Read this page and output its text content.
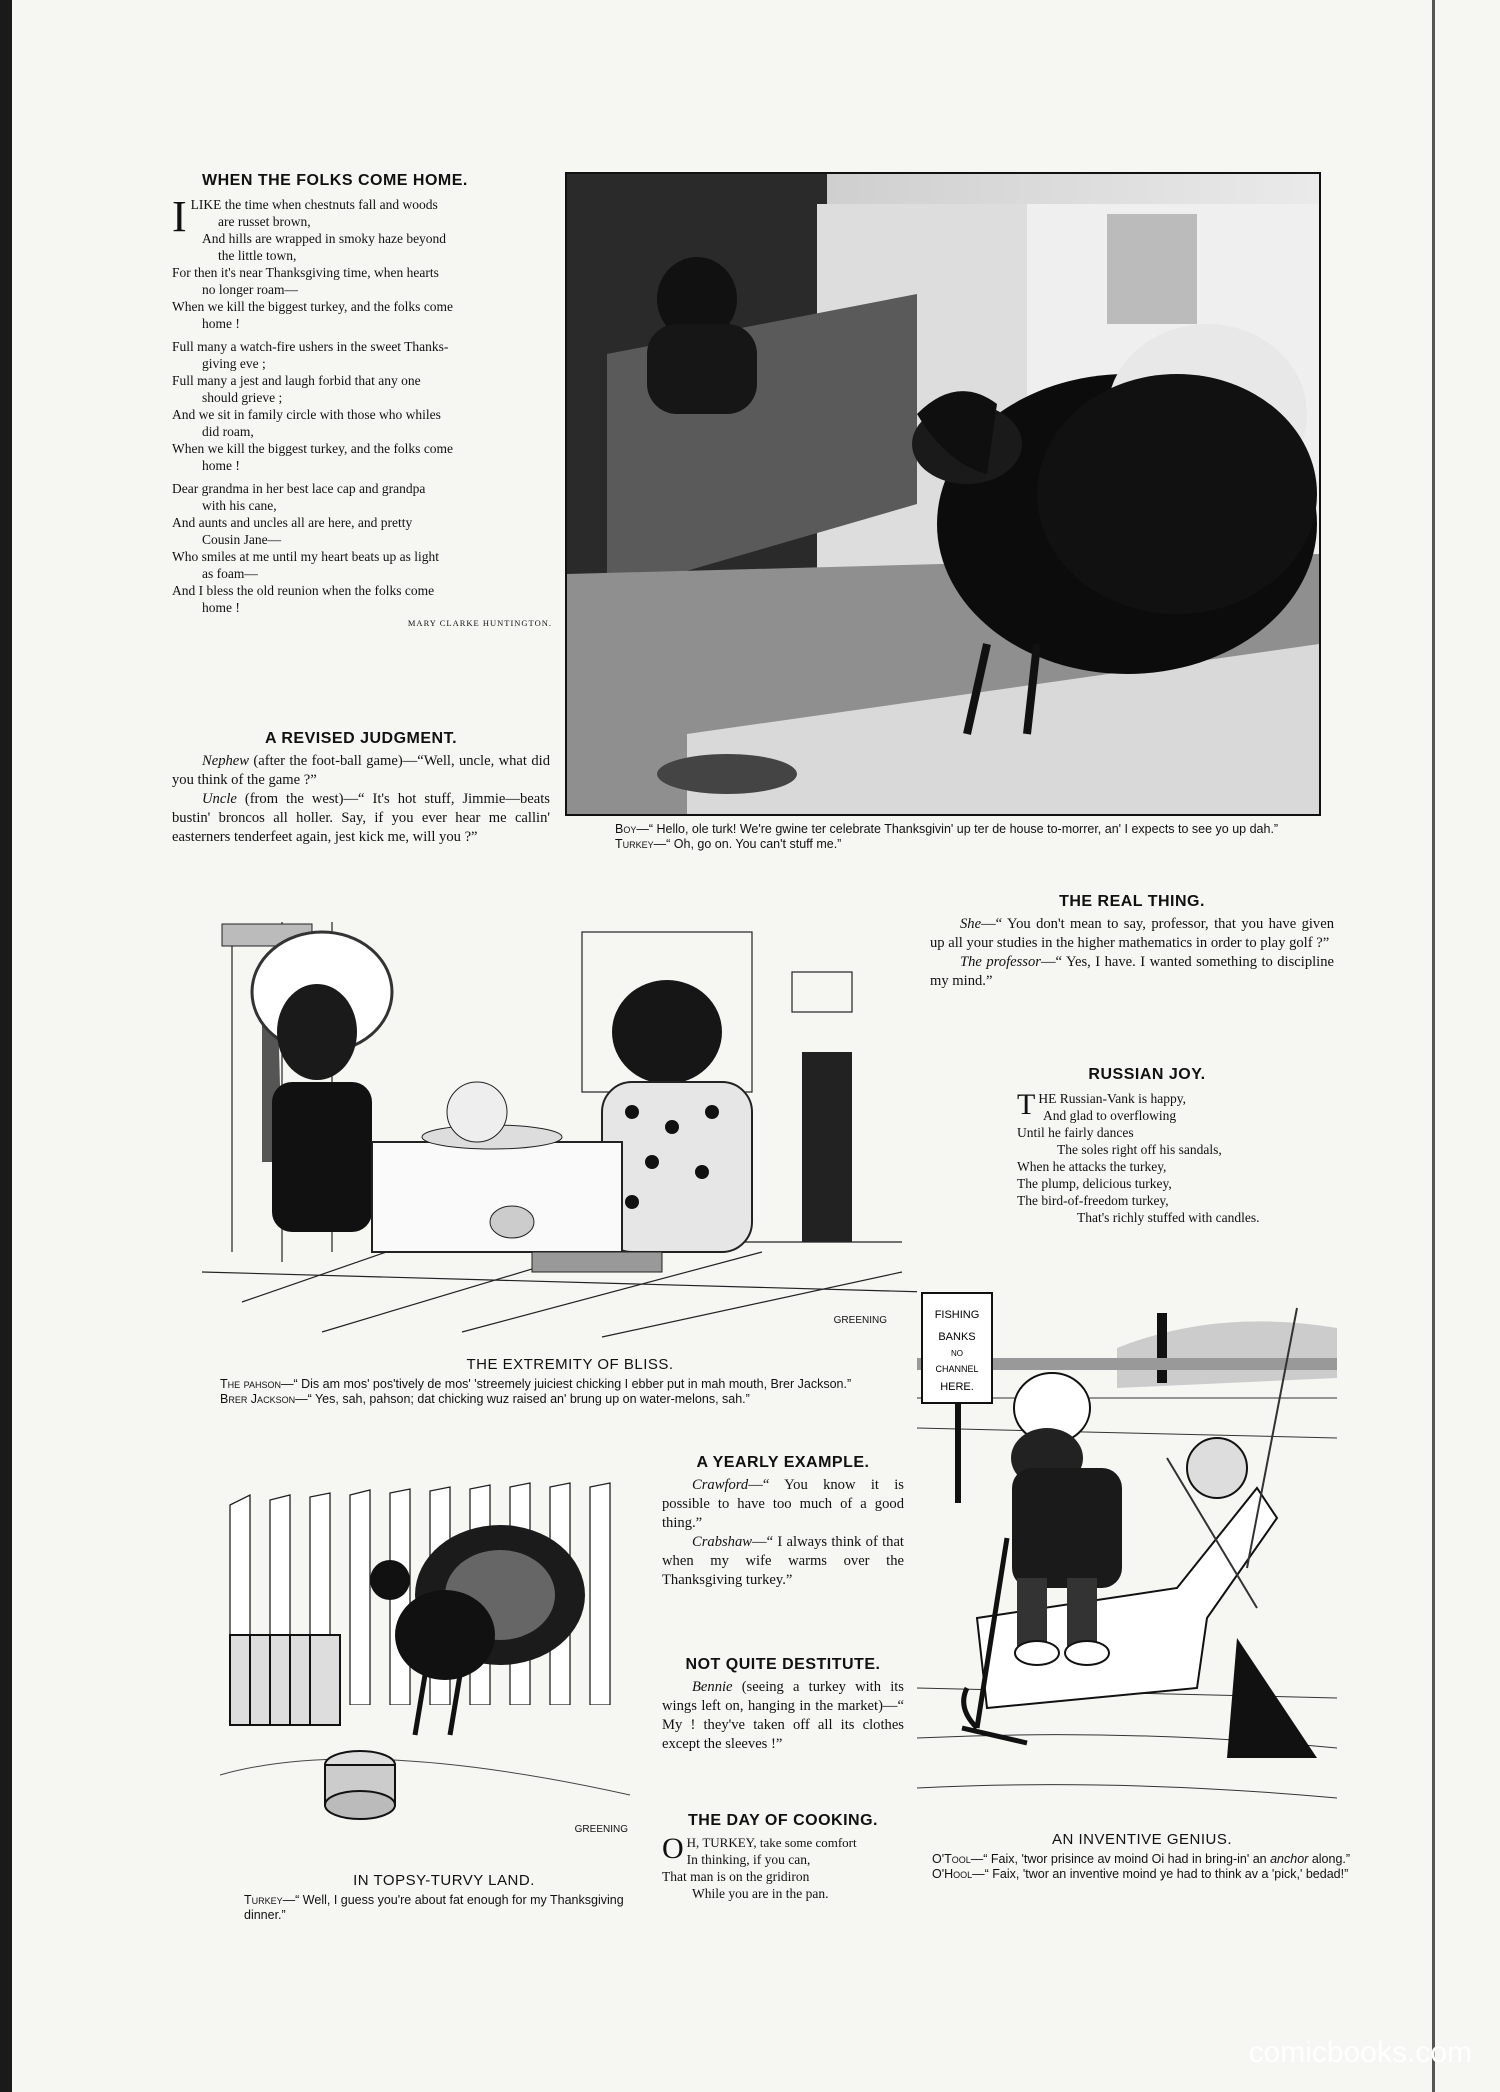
WHEN THE FOLKS COME HOME.
I LIKE the time when chestnuts fall and woods
are russet brown,
And hills are wrapped in smoky haze beyond
the little town,
For then it's near Thanksgiving time, when hearts
no longer roam—
When we kill the biggest turkey, and the folks come
home !
Full many a watch-fire ushers in the sweet Thanks-
giving eve ;
Full many a jest and laugh forbid that any one
should grieve ;
And we sit in family circle with those who whiles
did roam,
When we kill the biggest turkey, and the folks come
home !
Dear grandma in her best lace cap and grandpa
with his cane,
And aunts and uncles all are here, and pretty
Cousin Jane—
Who smiles at me until my heart beats up as light
as foam—
And I bless the old reunion when the folks come
home !
MARY CLARKE HUNTINGTON.
A REVISED JUDGMENT.
Nephew (after the foot-ball game)—“Well, uncle, what did you think of the game ?”
Uncle (from the west)—“ It's hot stuff, Jimmie—beats bustin' broncos all holler. Say, if you ever hear me callin' easterners tenderfeet again, jest kick me, will you ?”	Boy—“ Hello, ole turk! We're gwine ter celebrate Thanksgivin' up ter de house to-morrer, an' I expects to see yo up dah.”
Turkey—“ Oh, go on. You can't stuff me.”
THE REAL THING.
She—“ You don't mean to say, professor, that you have given up all your studies in the higher mathematics in order to play golf ?”
The professor—“ Yes, I have. I wanted something to discipline my mind.”
RUSSIAN JOY.
T HE Russian-Vank is happy,
And glad to overflowing
Until he fairly dances
The soles right off his sandals,
When he attacks the turkey,
The plump, delicious turkey,
The bird-of-freedom turkey,
That's richly stuffed with candles.
GREENING
THE EXTREMITY OF BLISS.
The pahson—“ Dis am mos' pos'tively de mos' 'streemely juiciest chicking I ebber put in mah mouth, Brer Jackson.”
Brer Jackson—“ Yes, sah, pahson; dat chicking wuz raised an' brung up on water-melons, sah.”
GREENING
IN TOPSY-TURVY LAND.
Turkey—“ Well, I guess you're about fat enough for my Thanksgiving dinner.”
A YEARLY EXAMPLE.
Crawford—“ You know it is possible to have too much of a good thing.”
Crabshaw—“ I always think of that when my wife warms over the Thanksgiving turkey.”
NOT QUITE DESTITUTE.
Bennie (seeing a turkey with its wings left on, hanging in the market)—“ My ! they've taken off all its clothes except the sleeves !”
THE DAY OF COOKING.
O H, TURKEY, take some comfort
In thinking, if you can,
That man is on the gridiron
While you are in the pan.
FISHING
BANKS
NO
CHANNEL
HERE.
AN INVENTIVE GENIUS.
O'Tool—“ Faix, 'twor prisince av moind Oi had in bring-in' an anchor along.”
O'Hool—“ Faix, 'twor an inventive moind ye had to think av a 'pick,' bedad!”
comicbooks.com
